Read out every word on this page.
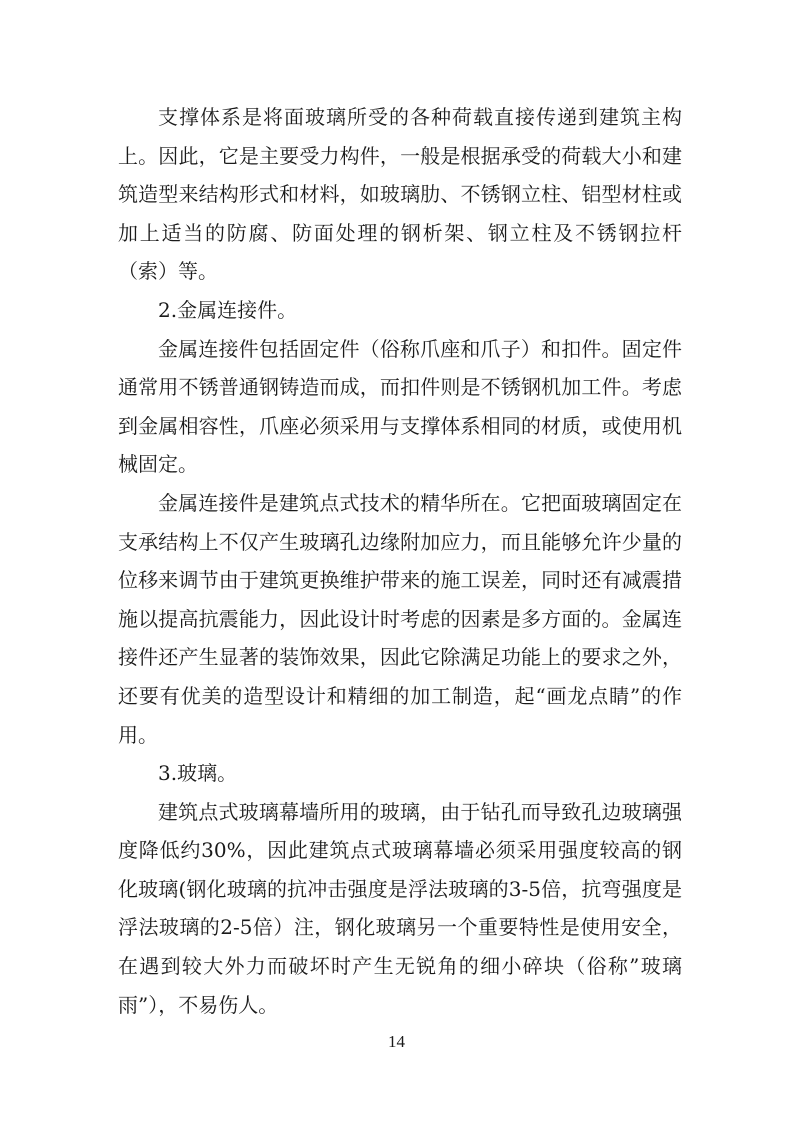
支撑体系是将面玻璃所受的各种荷载直接传递到建筑主构上。因此，它是主要受力构件，一般是根据承受的荷载大小和建筑造型来结构形式和材料，如玻璃肋、不锈钢立柱、铝型材柱或加上适当的防腐、防面处理的钢析架、钢立柱及不锈钢拉杆（索）等。

2.金属连接件。

金属连接件包括固定件（俗称爪座和爪子）和扣件。固定件通常用不锈普通钢铸造而成，而扣件则是不锈钢机加工件。考虑到金属相容性，爪座必须采用与支撑体系相同的材质，或使用机械固定。

金属连接件是建筑点式技术的精华所在。它把面玻璃固定在支承结构上不仅产生玻璃孔边缘附加应力，而且能够允许少量的位移来调节由于建筑更换维护带来的施工误差，同时还有减震措施以提高抗震能力，因此设计时考虑的因素是多方面的。金属连接件还产生显著的装饰效果，因此它除满足功能上的要求之外，还要有优美的造型设计和精细的加工制造，起“画龙点睛”的作用。

3.玻璃。

建筑点式玻璃幕墙所用的玻璃，由于钻孔而导致孔边玻璃强度降低约30%，因此建筑点式玻璃幕墙必须采用强度较高的钢化玻璃(钢化玻璃的抗冲击强度是浮法玻璃的3-5倍，抗弯强度是浮法玻璃的2-5倍）注，钢化玻璃另一个重要特性是使用安全，在遇到较大外力而破坏时产生无锐角的细小碎块（俗称”玻璃雨”），不易伤人。

14
